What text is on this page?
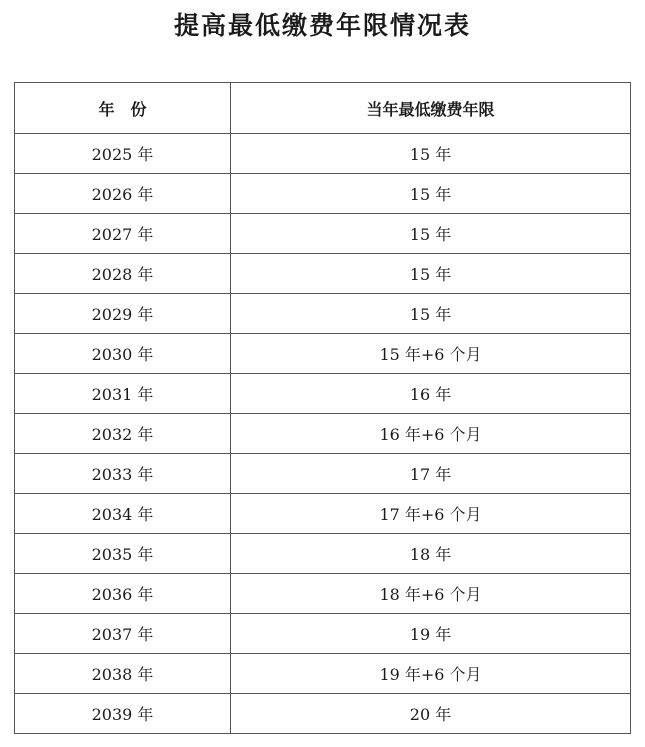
提高最低缴费年限情况表
年　份	当年最低缴费年限
2025 年	15 年
2026 年	15 年
2027 年	15 年
2028 年	15 年
2029 年	15 年
2030 年	15 年+6 个月
2031 年	16 年
2032 年	16 年+6 个月
2033 年	17 年
2034 年	17 年+6 个月
2035 年	18 年
2036 年	18 年+6 个月
2037 年	19 年
2038 年	19 年+6 个月
2039 年	20 年
